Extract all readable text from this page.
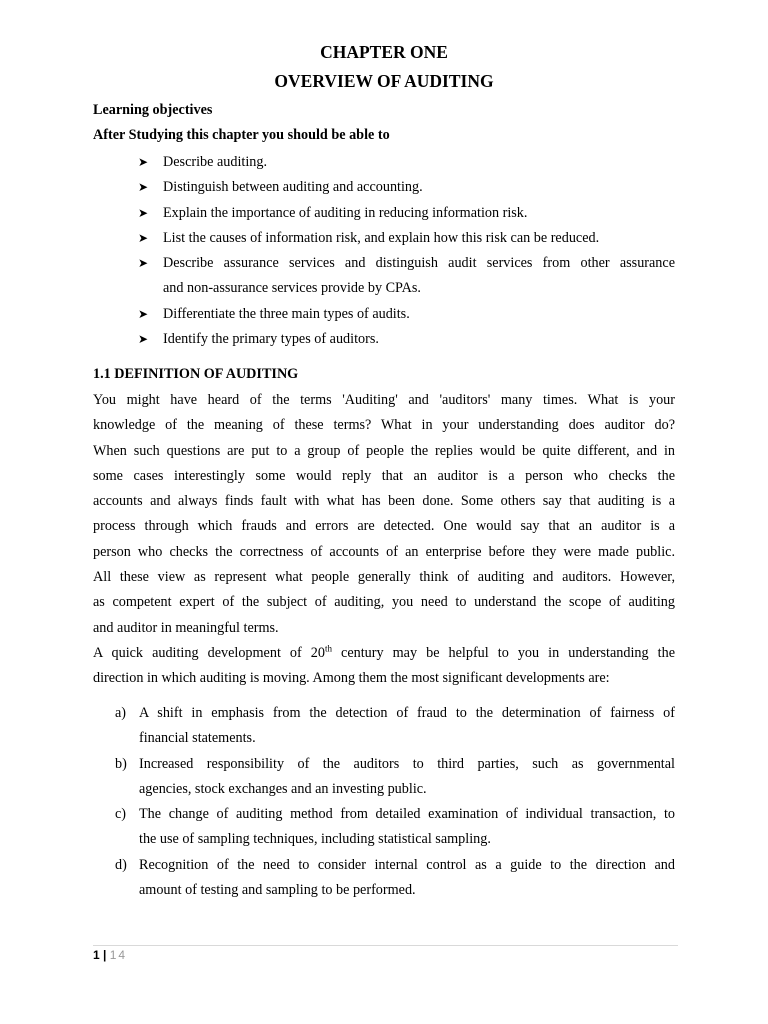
CHAPTER ONE
OVERVIEW OF AUDITING
Learning objectives
After Studying this chapter you should be able to
➤ Describe auditing.
➤ Distinguish between auditing and accounting.
➤ Explain the importance of auditing in reducing information risk.
➤ List the causes of information risk, and explain how this risk can be reduced.
➤ Describe assurance services and distinguish audit services from other assurance
and non-assurance services provide by CPAs.
➤ Differentiate the three main types of audits.
➤ Identify the primary types of auditors.
1.1 DEFINITION OF AUDITING
You might have heard of the terms 'Auditing' and 'auditors' many times. What is your
knowledge of the meaning of these terms? What in your understanding does auditor do?
When such questions are put to a group of people the replies would be quite different, and in
some cases interestingly some would reply that an auditor is a person who checks the
accounts and always finds fault with what has been done. Some others say that auditing is a
process through which frauds and errors are detected. One would say that an auditor is a
person who checks the correctness of accounts of an enterprise before they were made public.
All these view as represent what people generally think of auditing and auditors. However,
as competent expert of the subject of auditing, you need to understand the scope of auditing
and auditor in meaningful terms.
A quick auditing development of 20th century may be helpful to you in understanding the
direction in which auditing is moving. Among them the most significant developments are:
a) A shift in emphasis from the detection of fraud to the determination of fairness of
financial statements.
b) Increased responsibility of the auditors to third parties, such as governmental
agencies, stock exchanges and an investing public.
c) The change of auditing method from detailed examination of individual transaction, to
the use of sampling techniques, including statistical sampling.
d) Recognition of the need to consider internal control as a guide to the direction and
amount of testing and sampling to be performed.
1 | 14
